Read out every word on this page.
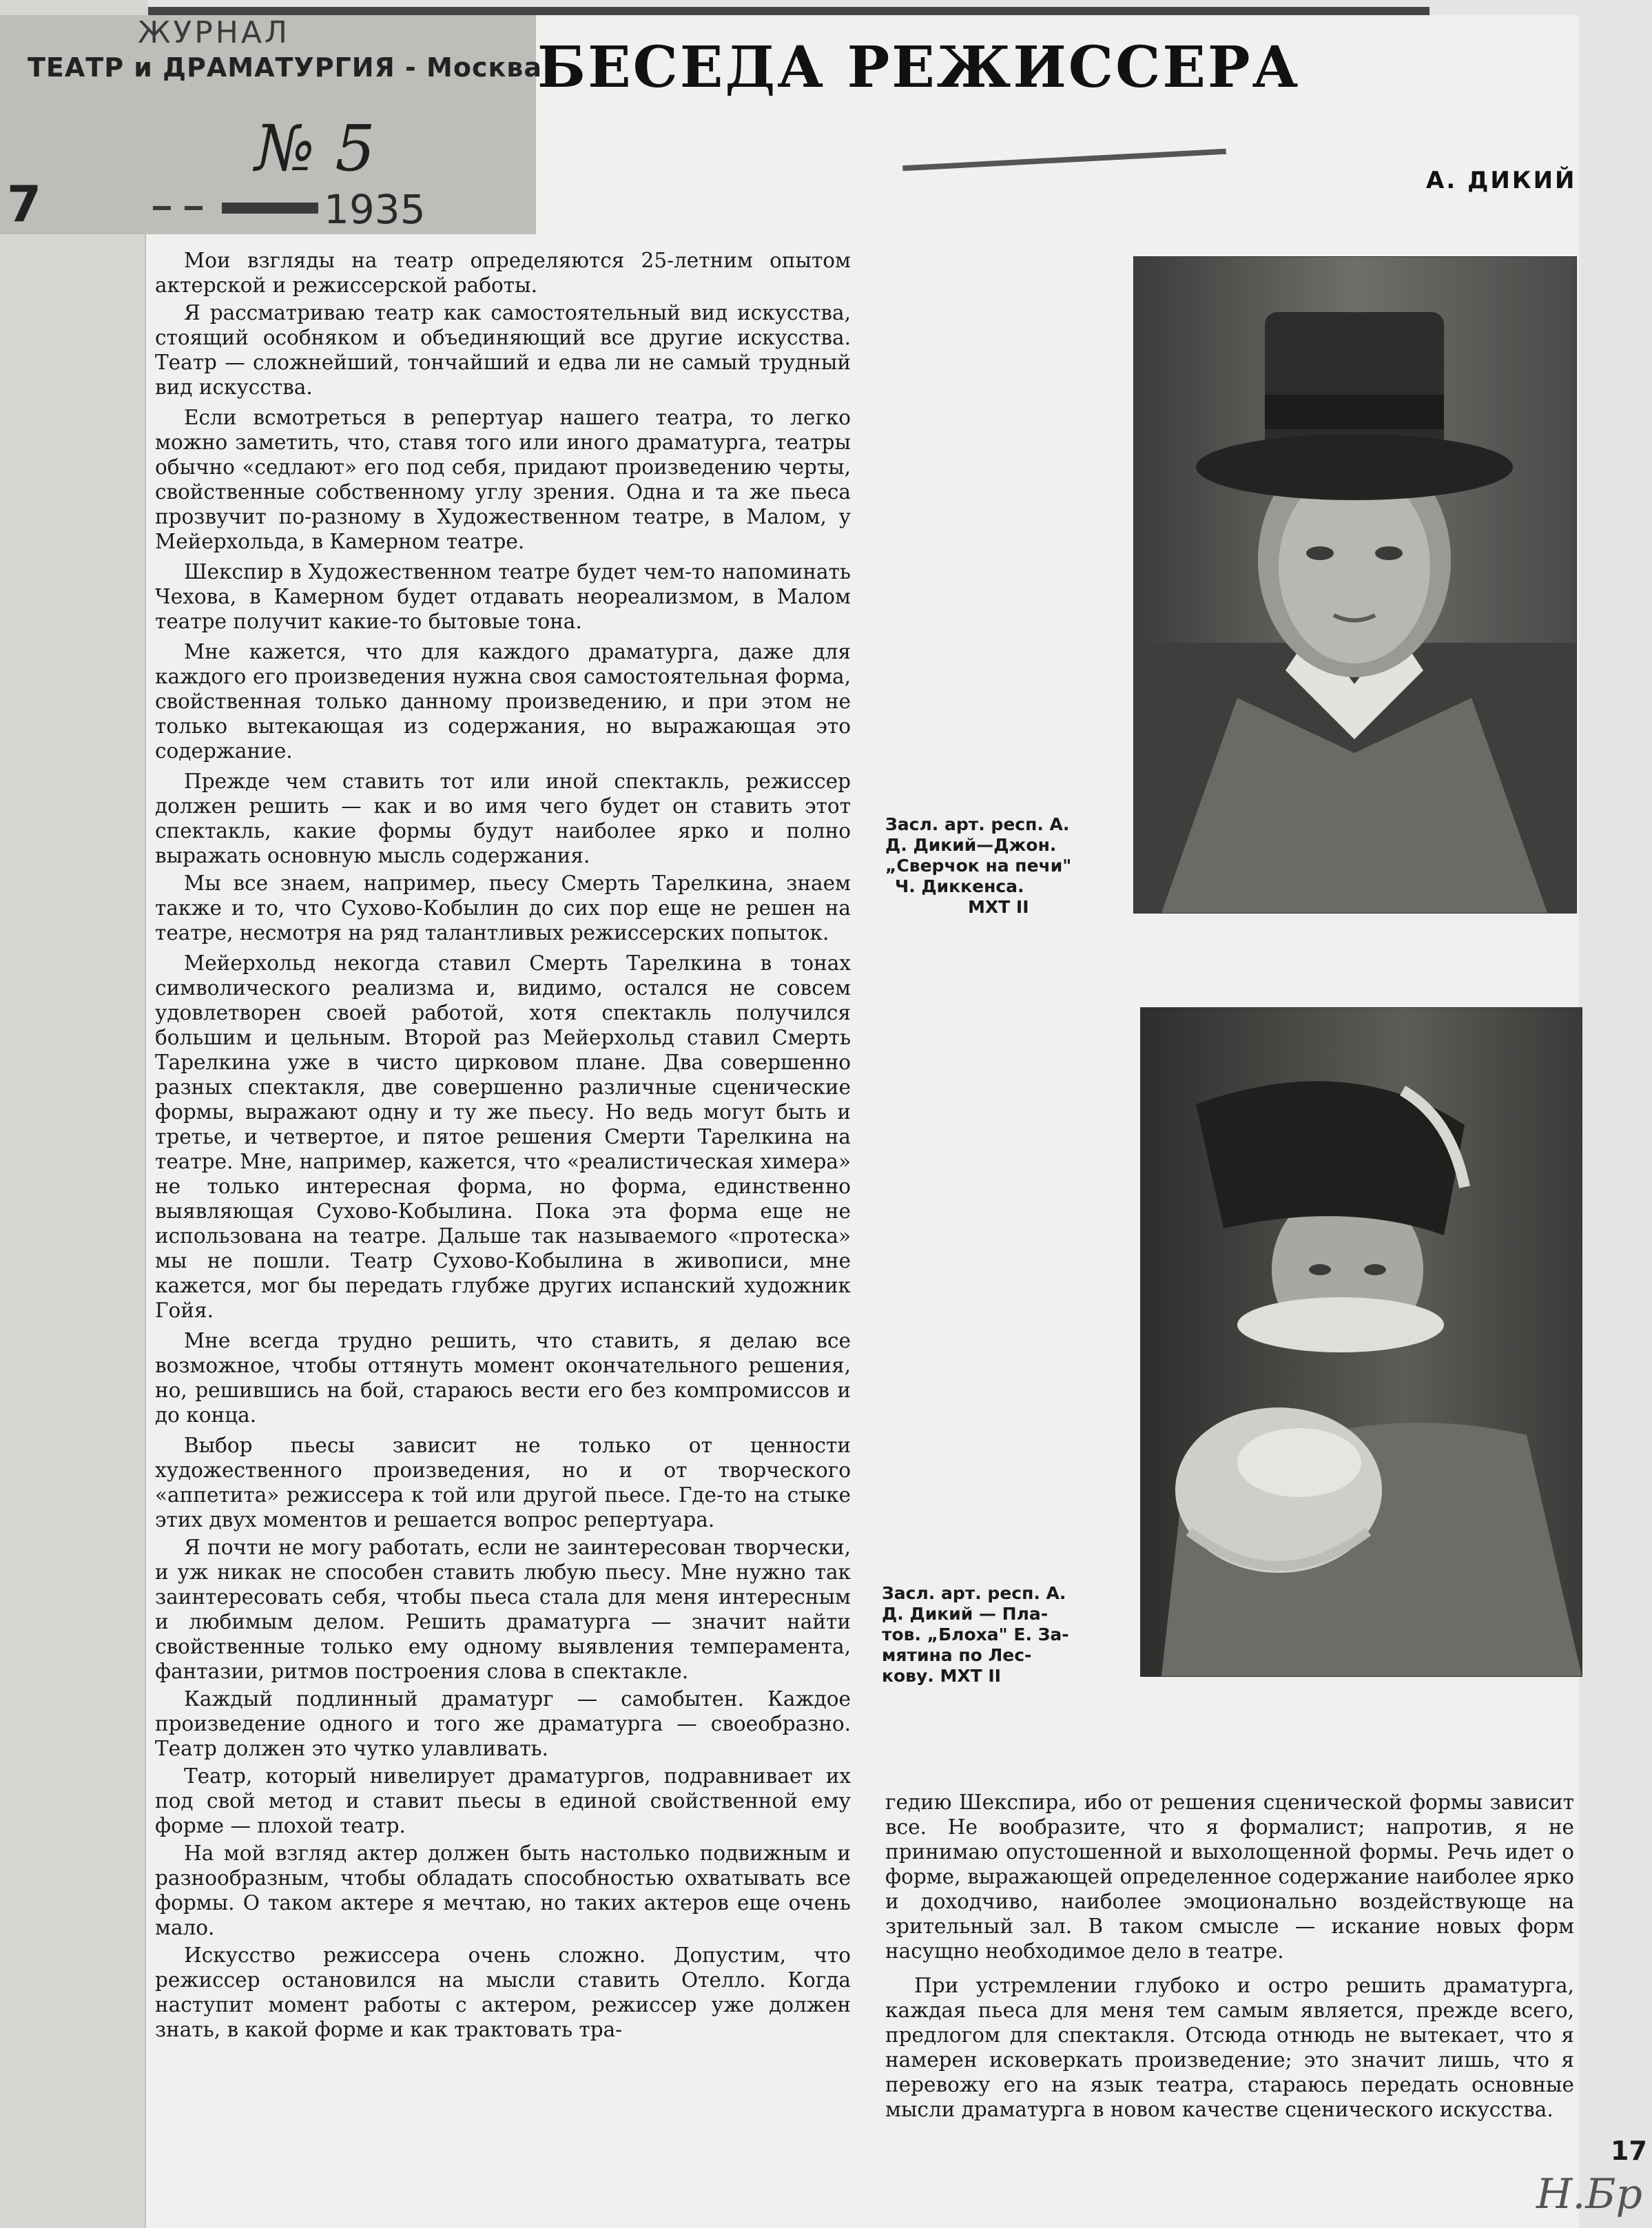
ЖУРНАЛ
ТЕАТР и ДРАМАТУРГИЯ - Москва
№ 5
7	1935
БЕСЕДА РЕЖИССЕРА
А. ДИКИЙ

Мои взгляды на театр определяются 25-летним опытом актерской и режиссерской работы.

Я рассматриваю театр как самостоятельный вид искусства, стоящий особняком и объединяющий все другие искусства. Театр — сложнейший, тончайший и едва ли не самый трудный вид искусства.

Если всмотреться в репертуар нашего театра, то легко можно заметить, что, ставя того или иного драматурга, театры обычно «седлают» его под себя, придают произведению черты, свойственные собственному углу зрения. Одна и та же пьеса прозвучит по-разному в Художественном театре, в Малом, у Мейерхольда, в Камерном театре.

Шекспир в Художественном театре будет чем-то напоминать Чехова, в Камерном будет отдавать неореализмом, в Малом театре получит какие-то бытовые тона.

Мне кажется, что для каждого драматурга, даже для каждого его произведения нужна своя самостоятельная форма, свойственная только данному произведению, и при этом не только вытекающая из содержания, но выражающая это содержание.

Прежде чем ставить тот или иной спектакль, режиссер должен решить — как и во имя чего будет он ставить этот спектакль, какие формы будут наиболее ярко и полно выражать основную мысль содержания.

Мы все знаем, например, пьесу Смерть Тарелкина, знаем также и то, что Сухово-Кобылин до сих пор еще не решен на театре, несмотря на ряд талантливых режиссерских попыток.

Мейерхольд некогда ставил Смерть Тарелкина в тонах символического реализма и, видимо, остался не совсем удовлетворен своей работой, хотя спектакль получился большим и цельным. Второй раз Мейерхольд ставил Смерть Тарелкина уже в чисто цирковом плане. Два совершенно разных спектакля, две совершенно различные сценические формы, выражают одну и ту же пьесу. Но ведь могут быть и третье, и четвертое, и пятое решения Смерти Тарелкина на театре. Мне, например, кажется, что «реалистическая химера» не только интересная форма, но форма, единственно выявляющая Сухово-Кобылина. Пока эта форма еще не использована на театре. Дальше так называемого «протеска» мы не пошли. Театр Сухово-Кобылина в живописи, мне кажется, мог бы передать глубже других испанский художник Гойя.

Мне всегда трудно решить, что ставить, я делаю все возможное, чтобы оттянуть момент окончательного решения, но, решившись на бой, стараюсь вести его без компромиссов и до конца.

Выбор пьесы зависит не только от ценности художественного произведения, но и от творческого «аппетита» режиссера к той или другой пьесе. Где-то на стыке этих двух моментов и решается вопрос репертуара.

Я почти не могу работать, если не заинтересован творчески, и уж никак не способен ставить любую пьесу. Мне нужно так заинтересовать себя, чтобы пьеса стала для меня интересным и любимым делом. Решить драматурга — значит найти свойственные только ему одному выявления темперамента, фантазии, ритмов построения слова в спектакле.

Каждый подлинный драматург — самобытен. Каждое произведение одного и того же драматурга — своеобразно. Театр должен это чутко улавливать.

Театр, который нивелирует драматургов, подравнивает их под свой метод и ставит пьесы в единой свойственной ему форме — плохой театр.

На мой взгляд актер должен быть настолько подвижным и разнообразным, чтобы обладать способностью охватывать все формы. О таком актере я мечтаю, но таких актеров еще очень мало.

Искусство режиссера очень сложно. Допустим, что режиссер остановился на мысли ставить Отелло. Когда наступит момент работы с актером, режиссер уже должен знать, в какой форме и как трактовать тра-

Засл. арт. респ. А.
Д. Дикий—Джон.
„Сверчок на печи"
Ч. Диккенса.
МХТ II
Засл. арт. респ. А.
Д. Дикий — Пла-
тов. „Блоха" Е. За-
мятина по Лес-
кову. МХТ II

гедию Шекспира, ибо от решения сценической формы зависит все. Не вообразите, что я формалист; напротив, я не принимаю опустошенной и выхолощенной формы. Речь идет о форме, выражающей определенное содержание наиболее ярко и доходчиво, наиболее эмоционально воздействующе на зрительный зал. В таком смысле — искание новых форм насущно необходимое дело в театре.

При устремлении глубоко и остро решить драматурга, каждая пьеса для меня тем самым является, прежде всего, предлогом для спектакля. Отсюда отнюдь не вытекает, что я намерен исковеркать произведение; это значит лишь, что я перевожу его на язык театра, стараюсь передать основные мысли драматурга в новом качестве сценического искусства.

17
Н.Бр
